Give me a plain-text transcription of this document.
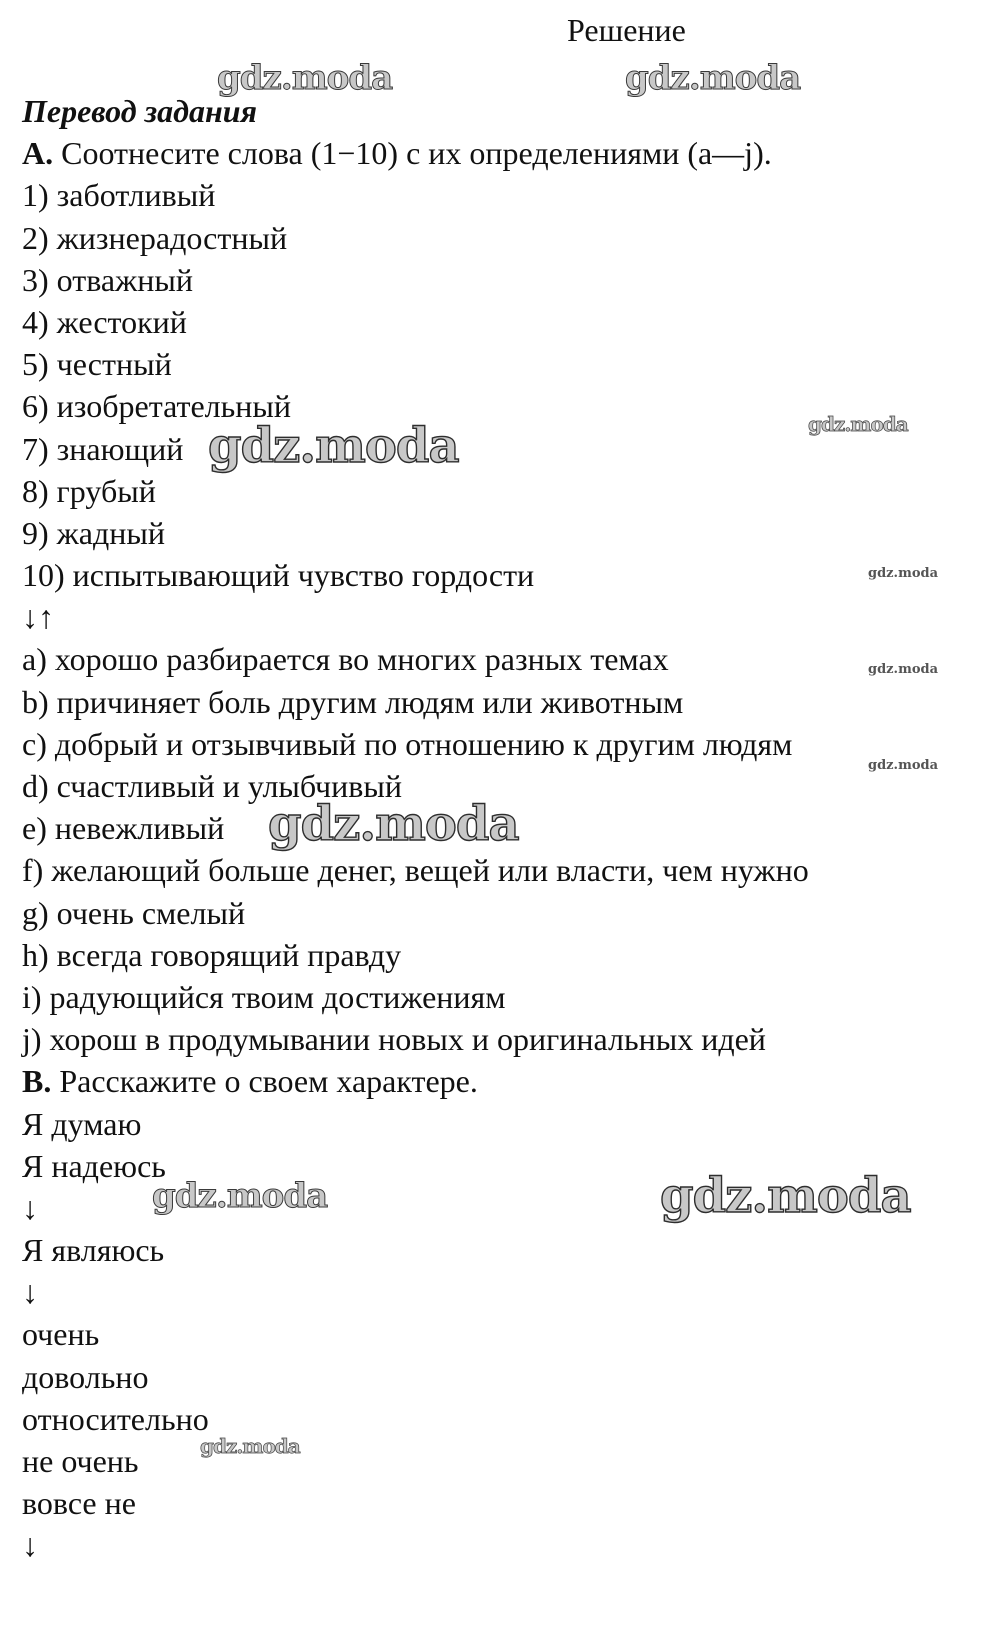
Решение
Перевод задания
A. Соотнесите слова (1−10) с их определениями (a—j).
1) заботливый
2) жизнерадостный
3) отважный
4) жестокий
5) честный
6) изобретательный
7) знающий
8) грубый
9) жадный
10) испытывающий чувство гордости
↓↑
a) хорошо разбирается во многих разных темах
b) причиняет боль другим людям или животным
c) добрый и отзывчивый по отношению к другим людям
d) счастливый и улыбчивый
e) невежливый
f) желающий больше денег, вещей или власти, чем нужно
g) очень смелый
h) всегда говорящий правду
i) радующийся твоим достижениям
j) хорош в продумывании новых и оригинальных идей
B. Расскажите о своем характере.
Я думаю
Я надеюсь
↓
Я являюсь
↓
очень
довольно
относительно
не очень
вовсе не
↓
gdz.moda	gdz.moda
gdz.moda	gdz.moda
gdz.moda
gdz.moda
gdz.moda
gdz.moda
gdz.moda	gdz.moda
gdz.moda
